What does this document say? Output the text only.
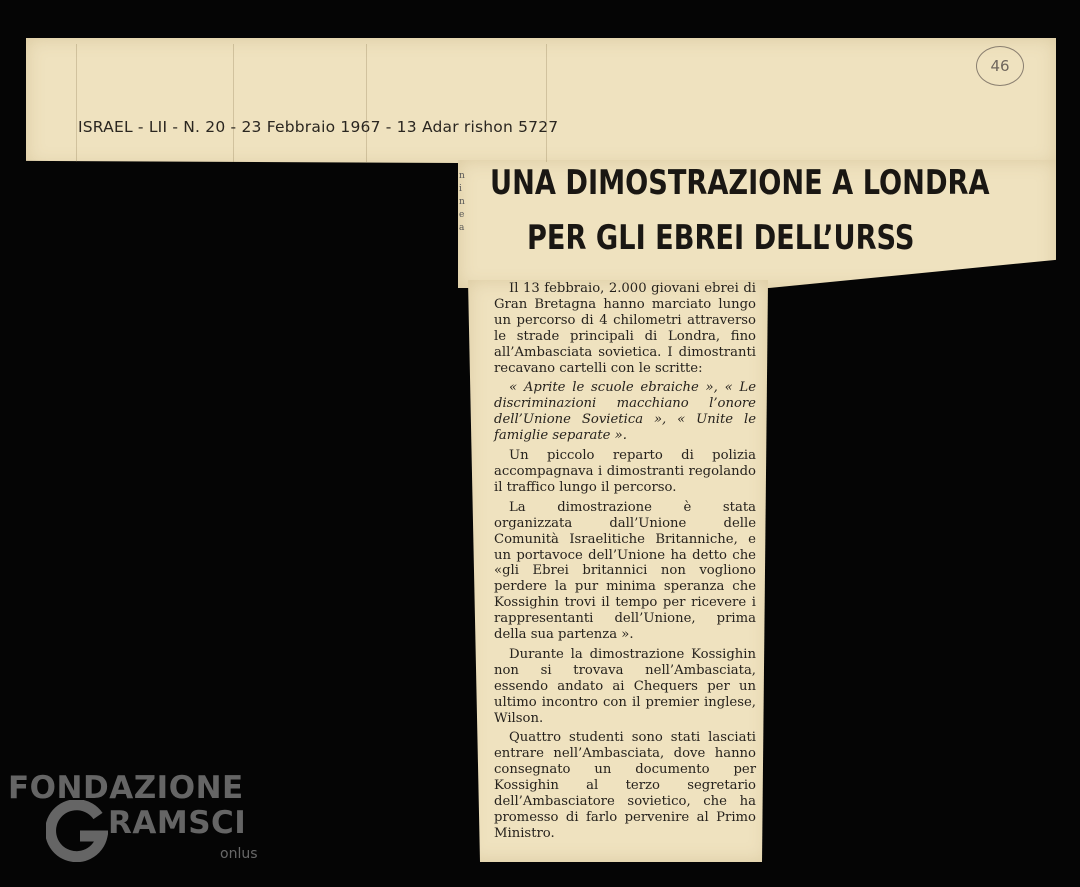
ISRAEL - LII - N. 20 - 23 Febbraio 1967 - 13 Adar rishon 5727
46
n i n e a
UNA DIMOSTRAZIONE A LONDRA
PER GLI EBREI DELL’URSS

Il 13 febbraio, 2.000 giovani ebrei di Gran Bretagna hanno marciato lungo un percorso di 4 chilometri attraverso le strade principali di Londra, fino all’Ambasciata sovietica. I dimostranti recavano cartelli con le scritte:

« Aprite le scuole ebraiche », « Le discriminazioni macchiano l’onore dell’Unione Sovietica », « Unite le famiglie separate ».

Un piccolo reparto di polizia accompagnava i dimostranti regolando il traffico lungo il percorso.

La dimostrazione è stata organizzata dall’Unione delle Comunità Israelitiche Britanniche, e un portavoce dell’Unione ha detto che «gli Ebrei britannici non vogliono perdere la pur minima speranza che Kossighin trovi il tempo per ricevere i rappresentanti dell’Unione, prima della sua partenza ».

Durante la dimostrazione Kossighin non si trovava nell’Ambasciata, essendo andato ai Chequers per un ultimo incontro con il premier inglese, Wilson.

Quattro studenti sono stati lasciati entrare nell’Ambasciata, dove hanno consegnato un documento per Kossighin al terzo segretario dell’Ambasciatore sovietico, che ha promesso di farlo pervenire al Primo Ministro.

FONDAZIONE
RAMSCI
onlus
